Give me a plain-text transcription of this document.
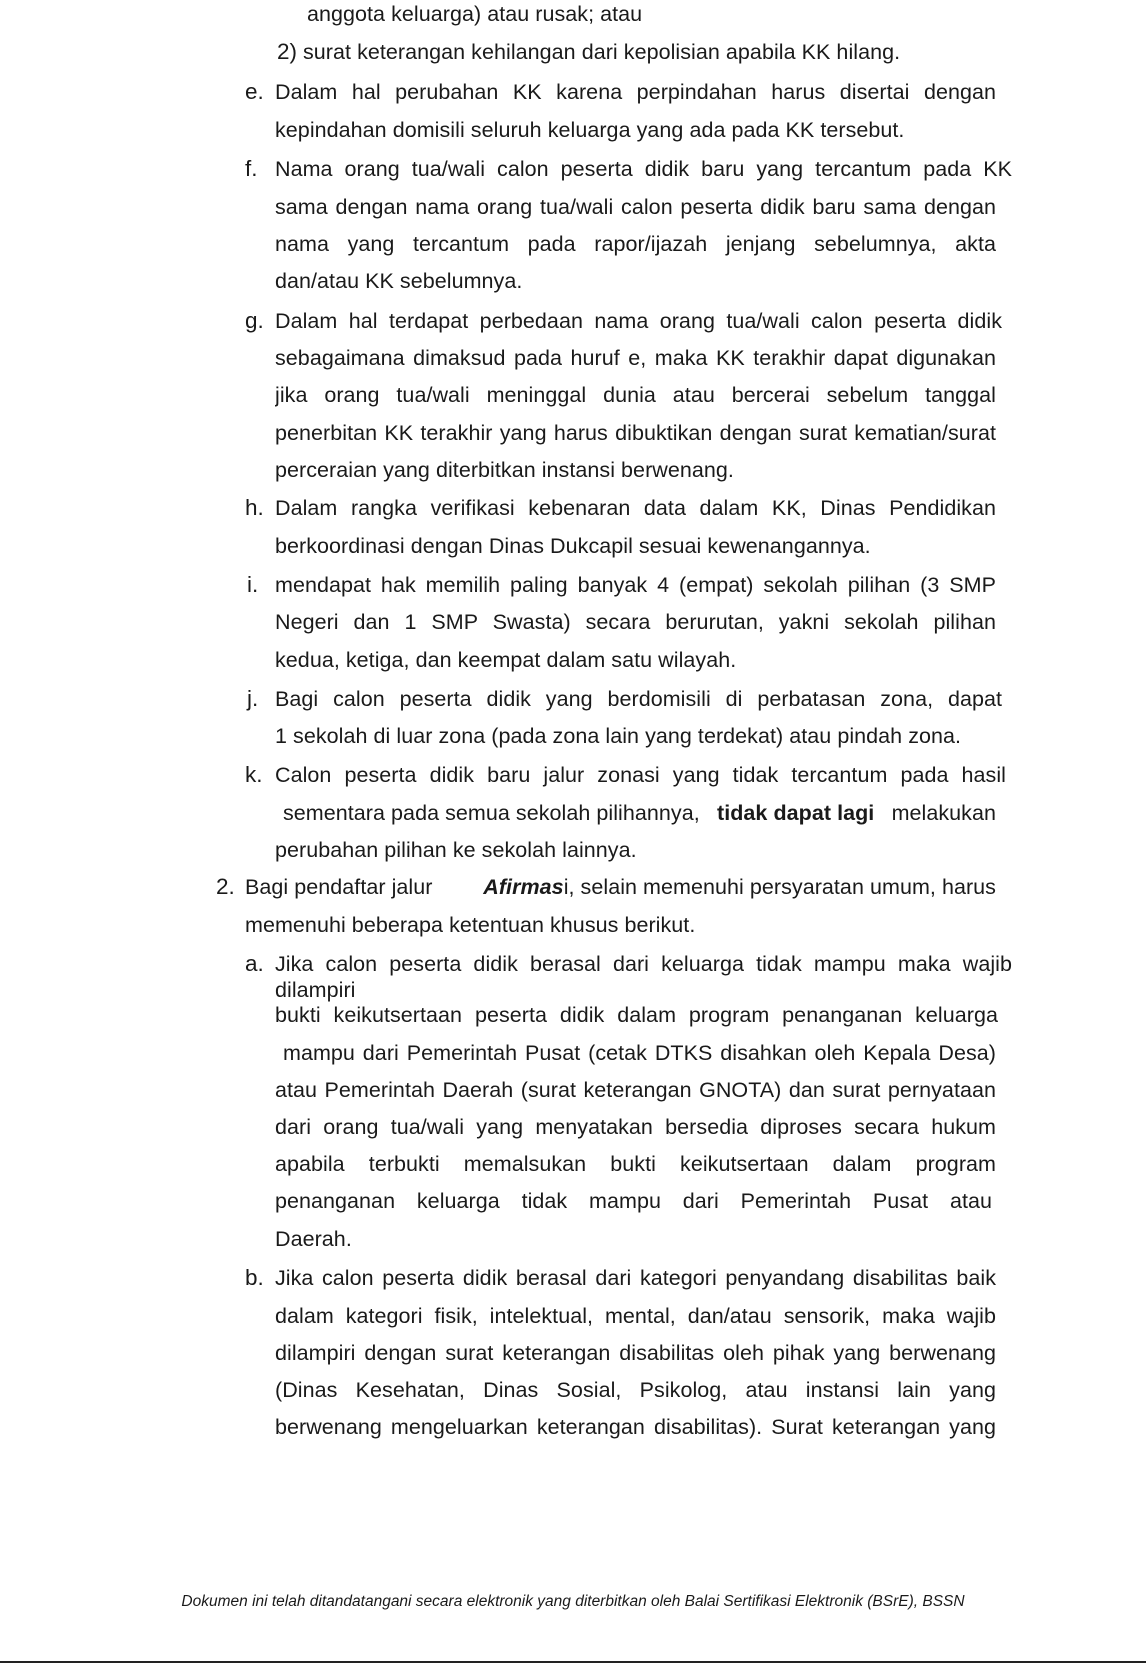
anggota keluarga) atau rusak; atau
2) surat keterangan kehilangan dari kepolisian apabila KK hilang.
e. Dalam hal perubahan KK karena perpindahan harus disertai dengan
kepindahan domisili seluruh keluarga yang ada pada KK tersebut.
f. Nama orang tua/wali calon peserta didik baru yang tercantum pada KK
sama dengan nama orang tua/wali calon peserta didik baru sama dengan
nama yang tercantum pada rapor/ijazah jenjang sebelumnya, akta
dan/atau KK sebelumnya.
g. Dalam hal terdapat perbedaan nama orang tua/wali calon peserta didik
sebagaimana dimaksud pada huruf e, maka KK terakhir dapat digunakan
jika orang tua/wali meninggal dunia atau bercerai sebelum tanggal
penerbitan KK terakhir yang harus dibuktikan dengan surat kematian/surat
perceraian yang diterbitkan instansi berwenang.
h. Dalam rangka verifikasi kebenaran data dalam KK, Dinas Pendidikan
berkoordinasi dengan Dinas Dukcapil sesuai kewenangannya.
i. mendapat hak memilih paling banyak 4 (empat) sekolah pilihan (3 SMP
Negeri dan 1 SMP Swasta) secara berurutan, yakni sekolah pilihan
kedua, ketiga, dan keempat dalam satu wilayah.
j. Bagi calon peserta didik yang berdomisili di perbatasan zona, dapat
1 sekolah di luar zona (pada zona lain yang terdekat) atau pindah zona.
k. Calon peserta didik baru jalur zonasi yang tidak tercantum pada hasil
sementara pada semua sekolah pilihannya, tidak dapat lagi melakukan
perubahan pilihan ke sekolah lainnya.
2. Bagi pendaftar jalur Afirmasi, selain memenuhi persyaratan umum, harus
memenuhi beberapa ketentuan khusus berikut.
a. Jika calon peserta didik berasal dari keluarga tidak mampu maka wajib
dilampiri
bukti keikutsertaan peserta didik dalam program penanganan keluarga
mampu dari Pemerintah Pusat (cetak DTKS disahkan oleh Kepala Desa)
atau Pemerintah Daerah (surat keterangan GNOTA) dan surat pernyataan
dari orang tua/wali yang menyatakan bersedia diproses secara hukum
apabila terbukti memalsukan bukti keikutsertaan dalam program
penanganan keluarga tidak mampu dari Pemerintah Pusat atau
Daerah.
b. Jika calon peserta didik berasal dari kategori penyandang disabilitas baik
dalam kategori fisik, intelektual, mental, dan/atau sensorik, maka wajib
dilampiri dengan surat keterangan disabilitas oleh pihak yang berwenang
(Dinas Kesehatan, Dinas Sosial, Psikolog, atau instansi lain yang
berwenang mengeluarkan keterangan disabilitas). Surat keterangan yang
Dokumen ini telah ditandatangani secara elektronik yang diterbitkan oleh Balai Sertifikasi Elektronik (BSrE), BSSN
